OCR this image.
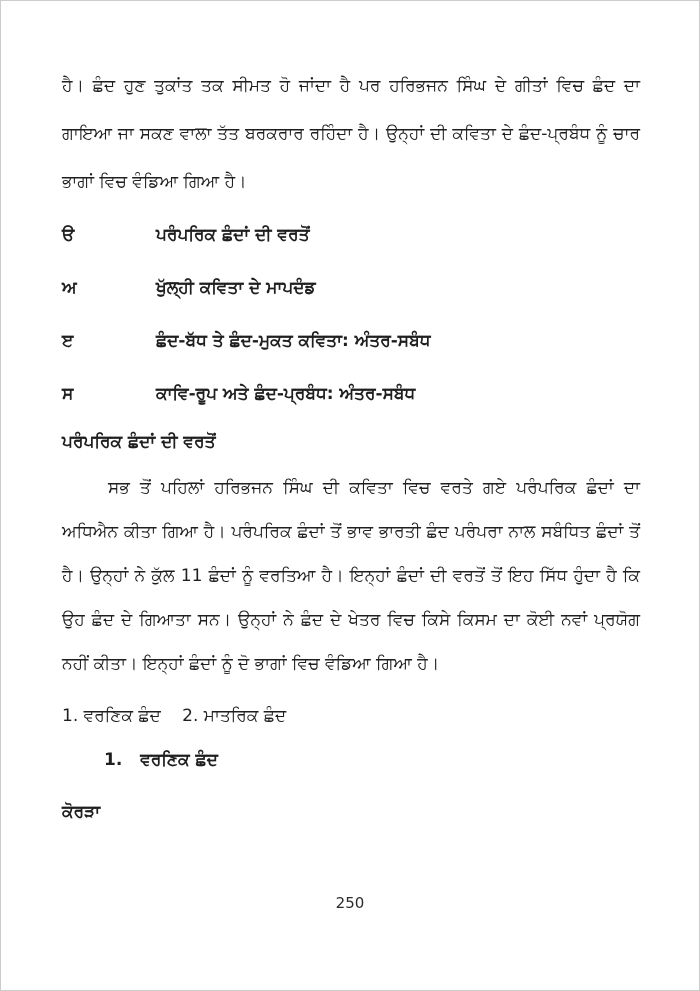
ਹੈ। ਛੰਦ ਹੁਣ ਤੁਕਾਂਤ ਤਕ ਸੀਮਤ ਹੋ ਜਾਂਦਾ ਹੈ ਪਰ ਹਰਿਭਜਨ ਸਿੰਘ ਦੇ ਗੀਤਾਂ ਵਿਚ ਛੰਦ ਦਾ ਗਾਇਆ ਜਾ ਸਕਣ ਵਾਲਾ ਤੱਤ ਬਰਕਰਾਰ ਰਹਿੰਦਾ ਹੈ। ਉਨ੍ਹਾਂ ਦੀ ਕਵਿਤਾ ਦੇ ਛੰਦ-ਪ੍ਰਬੰਧ ਨੂੰ ਚਾਰ ਭਾਗਾਂ ਵਿਚ ਵੰਡਿਆ ਗਿਆ ਹੈ।

ੳ	ਪਰੰਪਰਿਕ ਛੰਦਾਂ ਦੀ ਵਰਤੋਂ
ਅ	ਖੁੱਲ੍ਹੀ ਕਵਿਤਾ ਦੇ ਮਾਪਦੰਡ
ੲ	ਛੰਦ-ਬੱਧ ਤੇ ਛੰਦ-ਮੁਕਤ ਕਵਿਤਾ: ਅੰਤਰ-ਸਬੰਧ
ਸ	ਕਾਵਿ-ਰੂਪ ਅਤੇ ਛੰਦ-ਪ੍ਰਬੰਧ: ਅੰਤਰ-ਸਬੰਧ
ਪਰੰਪਰਿਕ ਛੰਦਾਂ ਦੀ ਵਰਤੋਂ

ਸਭ ਤੋਂ ਪਹਿਲਾਂ ਹਰਿਭਜਨ ਸਿੰਘ ਦੀ ਕਵਿਤਾ ਵਿਚ ਵਰਤੇ ਗਏ ਪਰੰਪਰਿਕ ਛੰਦਾਂ ਦਾ ਅਧਿਐਨ ਕੀਤਾ ਗਿਆ ਹੈ। ਪਰੰਪਰਿਕ ਛੰਦਾਂ ਤੋਂ ਭਾਵ ਭਾਰਤੀ ਛੰਦ ਪਰੰਪਰਾ ਨਾਲ ਸਬੰਧਿਤ ਛੰਦਾਂ ਤੋਂ ਹੈ। ਉਨ੍ਹਾਂ ਨੇ ਕੁੱਲ 11 ਛੰਦਾਂ ਨੂੰ ਵਰਤਿਆ ਹੈ। ਇਨ੍ਹਾਂ ਛੰਦਾਂ ਦੀ ਵਰਤੋਂ ਤੋਂ ਇਹ ਸਿੱਧ ਹੁੰਦਾ ਹੈ ਕਿ ਉਹ ਛੰਦ ਦੇ ਗਿਆਤਾ ਸਨ। ਉਨ੍ਹਾਂ ਨੇ ਛੰਦ ਦੇ ਖੇਤਰ ਵਿਚ ਕਿਸੇ ਕਿਸਮ ਦਾ ਕੋਈ ਨਵਾਂ ਪ੍ਰਯੋਗ ਨਹੀਂ ਕੀਤਾ। ਇਨ੍ਹਾਂ ਛੰਦਾਂ ਨੂੰ ਦੋ ਭਾਗਾਂ ਵਿਚ ਵੰਡਿਆ ਗਿਆ ਹੈ।

1. ਵਰਣਿਕ ਛੰਦ 2. ਮਾਤਰਿਕ ਛੰਦ

1. ਵਰਣਿਕ ਛੰਦ
ਕੋਰੜਾ
250
